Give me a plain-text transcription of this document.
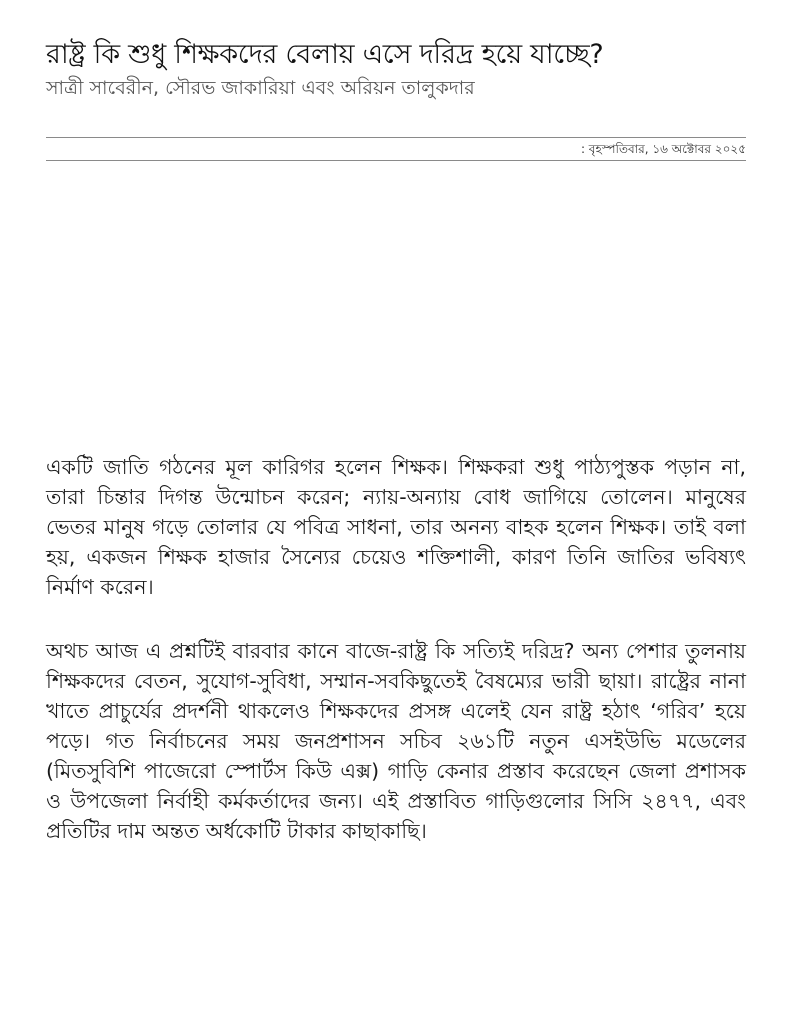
রাষ্ট্র কি শুধু শিক্ষকদের বেলায় এসে দরিদ্র হয়ে যাচ্ছে?

সাত্রী সাবেরীন, সৌরভ জাকারিয়া এবং অরিয়ন তালুকদার

: বৃহস্পতিবার, ১৬ অক্টোবর ২০২৫

একটি জাতি গঠনের মূল কারিগর হলেন শিক্ষক। শিক্ষকরা শুধু পাঠ্যপুস্তক পড়ান না, তারা চিন্তার দিগন্ত উন্মোচন করেন; ন্যায়-অন্যায় বোধ জাগিয়ে তোলেন। মানুষের ভেতর মানুষ গড়ে তোলার যে পবিত্র সাধনা, তার অনন্য বাহক হলেন শিক্ষক। তাই বলা হয়, একজন শিক্ষক হাজার সৈন্যের চেয়েও শক্তিশালী, কারণ তিনি জাতির ভবিষ্যৎ নির্মাণ করেন।

অথচ আজ এ প্রশ্নটিই বারবার কানে বাজে-রাষ্ট্র কি সত্যিই দরিদ্র? অন্য পেশার তুলনায় শিক্ষকদের বেতন, সুযোগ-সুবিধা, সম্মান-সবকিছুতেই বৈষম্যের ভারী ছায়া। রাষ্ট্রের নানা খাতে প্রাচুর্যের প্রদর্শনী থাকলেও শিক্ষকদের প্রসঙ্গ এলেই যেন রাষ্ট্র হঠাৎ ‘গরিব’ হয়ে পড়ে। গত নির্বাচনের সময় জনপ্রশাসন সচিব ২৬১টি নতুন এসইউভি মডেলের (মিতসুবিশি পাজেরো স্পোর্টস কিউ এক্স) গাড়ি কেনার প্রস্তাব করেছেন জেলা প্রশাসক ও উপজেলা নির্বাহী কর্মকর্তাদের জন্য। এই প্রস্তাবিত গাড়িগুলোর সিসি ২৪৭৭, এবং প্রতিটির দাম অন্তত অর্ধকোটি টাকার কাছাকাছি।
